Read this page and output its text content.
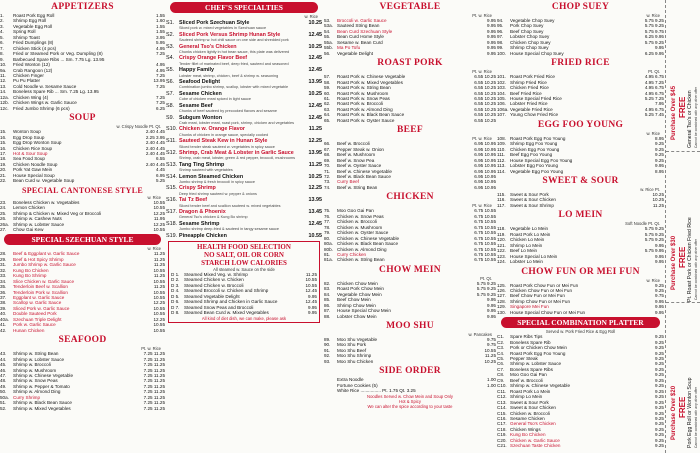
APPETIZERS
1.	Roast Pork Egg Roll	1.55
2.	Shrimp Egg Roll	1.60
3.	Vegetable Egg Roll	1.55
4.	Spring Roll	1.55
5.	Shrimp Toast	3.95
6.	Fried Dumplings (8)	5.95
7.	Chicken Stick (4 pcs)	4.95
8.	Fried or Steamed Pork or Veg. Dumpling (8)	7.25
9.	Barbecued Spare Ribs ... Sm. 7.75 Lg. 13.95
10.	Fried Wonton (12)	4.95
9a.	Crab Rangoon (12)	4.95
11.	Chicken Finger	7.25
12.	Pu Pu Platter	13.95
13.	Cold Noodle w. Sesame Sauce	7.25
14.	Boneless Spare Rib ... Sm. 7.25 Lg. 13.95
12a. Chicken Wing (4)	7.25
12b. Chicken Wings w. Garlic Sauce	7.25
12c. Fried Jumbo Shrimp (6 pcs)	6.25
SOUP
w. Crispy Noodle Pt. Qt.
15.	Wonton Soup	2.40 4.45
16.	Egg Drop Soup	2.25 3.95
15.	Egg Drop Wonton Soup	2.40 4.45
16.	Chicken Rice Soup	2.40 4.45
17.	Hot & Sour Soup	2.40 4.45
18.	Sea Food Soup	6.55
19.	Chicken Noodle Soup	2.40 4.45
20.	Pork Yat Gaw Mein	4.45
21.	House Special Soup	6.95
22.	Bean Curd w. Vegetable Soup	5.25
SPECIAL CANTONESE STYLE
w. Rice
23.	Boneless Chicken w. Vegetables	10.55
24.	Lemon Chicken	10.55
25.	Shrimp & Chicken w. Mixed Veg or Broccoli	12.25
26.	Shrimp w. Cashew Nuts	11.95
26a. Shrimp w. Lobster Sauce	12.25
27.	Chow Gai Kew	10.55
SPECIAL SZECHUAN STYLE
w. Rice
28.	Beef & Eggplant w. Garlic Sauce	11.25
29.	Beef & Hot Spicy Shrimp	11.25
31.	Jumbo Shrimp w. Garlic Sauce	11.25
32.	Kung Bo Chicken	10.55
33.	Kung Bo Shrimp	11.25
34.	Slice Chicken w. Garlic Sauce	10.55
35.	Tenderloin Beef w. Scallion	11.25
36.	Tenderloin Pork w. Scallion	10.55
37.	Eggplant w. Garlic Sauce	10.55
38.	Scallop w. Garlic Sauce	12.25
39.	Sliced Pork w. Garlic Sauce	10.55
40.	Double Sauteed Pork	10.55
40a. Szechuan Triple Delight	12.25
41.	Pork w. Garlic Sauce	10.55
42.	Hunan Chicken	10.55
SEAFOOD
Pt. w. Rice
43.	Shrimp w. String Bean	7.25 11.25
44.	Shrimp w. Lobster Sauce	7.25 11.25
45.	Shrimp w. Broccoli	7.25 11.25
46.	Shrimp w. Mushroom	7.25 11.25
47.	Shrimp w. Chinese Vegetable	7.25 11.25
48.	Shrimp w. Snow Peas	7.25 11.25
49.	Shrimp w. Pepper & Tomato	7.25 11.25
50.	Shrimp w. Almond Ding	7.25 11.25
50a. Curry Shrimp	7.25 11.25
51.	Shrimp w. Black Bean Sauce	7.25 11.25
52.	Shrimp w. Mixed Vegetables	7.25 11.25
CHEF'S SPECIALTIES
w. Rice
S1. Sliced Pork Szechuan Style	10.25
Sliced pork w. mixed vegetables in Szechuan sauce
S2. Sliced Pork Versus Shrimp Hunan Style	12.45
Sauteed shrimp w. hot chili sauce on one side and shredded pork
S3. General Tso's Chicken	10.25
Chunks chicken lightly in hot bean sauce, this plate was delivered
S4. Crispy Orange Flavor Beef	12.45
Tender fillet of marinated beef, deep fried, sauteed and seasoned
S5. Happy Family	12.45
Lobster meat, shrimp, chicken, beef & shrimp w. seasoning
S6. Seafood Delight	13.95
Combination jumbo shrimp, scallop, lobster with mixed vegetable
S7. Sesame Chicken	10.25
Cube of chicken meat spiced in light sauce
S8. Sesame Beef	12.45
Chunks of beef sauteed by precooked flavors and sesame
S9. Subgum Wonton	12.45
Crab meat, lobster meat, roast pork, shrimp, chicken and vegetables
S10. Chicken w. Orange Flavor	11.25
Chunks of chicken in orange sauce, specially cooked
S11. Sauteed Steak Kew in Hunan Style	12.25
Sliced tender steak sauteed w. vegetables in spicy sauce
S12. Shrimp, Crab Meat & Lobster in Garlic Sauce	13.95
Shrimp, crab meat, lobster, green & red pepper, broccoli, mushrooms
S13. Tang Ting Shrimp	11.25
Shrimp sauteed with vegetables
S14. Lemon Steamed Chicken	10.25
Jumbo shrimp & fresh broccoli in spicy sauce
S15. Crispy Shrimp	12.25
Deep fried shrimp sauteed w. pepper & onions
S16. Tai Tz Beef	13.95
Sliced tender beef and scallion sauteed w. mixed vegetables
S17. Dragon & Phoenix	13.45
General Tso's chicken & Kung Bo shrimp
S18. Sesame Shrimp	12.45
Jumbo shrimp deep-fried & sauteed in tangy sesame sauce
S19. Pineapple Chicken	10.55
HEALTH FOOD SELECTION
NO SALT, OIL OR CORN
STARCH LOW CALORIES
All steamed w. Sauce on the side
D 1. Steamed Mixed Veg. w. Shrimp	11.25
D 2. Steamed Chicken w. Chicken	10.55
D 3. Steamed Chicken w. Broccoli	10.55
D 4. Steamed Broccoli w. Chicken and Shrimp	12.45
D 5. Steamed Vegetable Delight	9.95
D 6. Steamed Shrimp and Chicken in Garlic Sauce	12.45
D 7. Steamed Snow Peas and Broccoli	9.95
D 8. Steamed Bean Curd w. Mixed Vegetables	9.95
All kind of diet dish, we can make, please ask
VEGETABLE
Pt. w. Rice
53.	Broccoli w. Garlic Sauce	9.95
53a. Sauteed String Bean	9.95
54.	Bean Curd Szechuan Style	9.95
55.	Bean Curd Home Style	9.95
55a. Sesame w. Bean Curd	9.95
55b. Ma Po Tofu	9.95
56.	Vegetable Delight	9.95
ROAST PORK
Pt. w. Rice
57.	Roast Pork w. Chinese Vegetable	6.55 10.25
58.	Roast Pork w. Mixed Vegetables	6.55 10.25
59.	Roast Pork w. String Bean	6.55 10.25
60.	Roast Pork w. Mushroom	6.55 10.25
61.	Roast Pork w. Snow Peas	6.55 10.25
62.	Roast Pork w. Broccoli	6.55 10.25
63.	Roast Pork w. Almond Ding	6.55 10.25
64.	Roast Pork w. Black Bean Sauce	6.55 10.25
65.	Roast Pork w. Oyster Sauce	6.55 10.25
BEEF
Pt. w. Rice
66.	Beef w. Broccoli	6.95 10.95
67.	Pepper Steak w. Onion	6.95 10.95
68.	Beef w. Mushroom	6.95 10.95
69.	Beef w. Snow Pea	6.95 10.95
70.	Beef w. Oyster Sauce	6.95 10.95
71.	Beef w. Chinese Vegetable	6.95 10.95
72.	Beef w. Black Bean Sauce	6.95 10.95
73.	Curry Beef	6.95 10.95
74.	Beef w. String Bean	6.95 10.95
CHICKEN
Pt. w. Rice
75.	Moo Goo Gai Pan	6.75 10.55
76.	Chicken w. Snow Peas	6.75 10.55
77.	Chicken w. Broccoli	6.75 10.55
78.	Chicken w. Mushroom	6.75 10.55
79.	Chicken w. Oyster Sauce	6.75 10.55
80.	Chicken w. Chinese Vegetable	6.75 10.55
80a. Chicken w. Black Bean Sauce	6.75 10.55
80b. Chicken w. Almond Ding	6.75 10.55
81.	Curry Chicken	6.75 10.55
81a. Chicken w. String Bean	6.75 10.55
CHOW MEIN
Pt. Qt.
82.	Chicken Chow Mein	5.75 9.25
83.	Roast Pork Chow Mein	5.75 9.25
84.	Vegetable Chow Mein	5.75 9.25
85.	Beef Chow Mein	9.95
86.	Shrimp Chow Mein	9.95
87.	House Special Chow Mein	9.95
88.	Lobster Chow Mein	9.95
MOO SHU
w. Pancakes
89.	Moo Shu Vegetable	9.75
90.	Moo Shu Pork	9.75
91.	Moo Shu Beef	10.55
92.	Moo Shu Shrimp	11.25
93.	Moo Shu Chicken	10.25
SIDE ORDER
Extra Noodle	1.00
Fortune Cookies (5)	1.00
White Rice ................ Pt. 1.75 Qt. 3.25
Noodles Served w. Chow Mein and Soup Only
Hot & Spicy
We can alter the spice according to your taste
CHOP SUEY
w. Rice
94.	Vegetable Chop Suey	5.75 9.25
95.	Pork Chop Suey	5.75 9.25
96.	Beef Chop Suey	5.75 9.75
97.	Lobster Chop Suey	6.25 9.95
98.	Chicken Chop Suey	5.75 9.25
99.	Shrimp Chop Suey	9.95
100. House Special Chop Suey	6.25 9.95
FRIED RICE
Pt. Qt.
101. Roast Pork Fried Rice	4.95 6.75
102. Shrimp Fried Rice	4.95 7.25
103. Chicken Fried Rice	4.95 6.75
104. Beef Fried Rice	4.95 6.75
105. House Special Fried Rice	5.25 7.25
106. Lobster Fried Rice	7.95
106a. Vegetable Fried Rice	4.95 6.75
107. Young Chow Fried Rice	5.25 7.45
EGG FOO YOUNG
w. Rice
108. Roast Pork Egg Foo Young	8.95
109. Shrimp Egg Foo Young	9.25
110. Chicken Egg Foo Young	9.25
111.	Beef Egg Foo Young	9.25
112. House Special Egg Foo Young	9.25
113. Lobster Egg Foo Young	9.95
114. Vegetable Egg Foo Young	8.95
SWEET & SOUR
w. Rice Pt.
115. Sweet & Sour Pork	10.25
116. Sweet & Sour Chicken	10.25
117. Sweet & Sour Shrimp	11.25
LO MEIN
Soft Noodle Pt. Qt.
118. Vegetable Lo Mein	5.75 9.25
119. Roast Pork Lo Mein	5.75 9.25
120. Chicken Lo Mein	5.75 9.25
121. Shrimp Lo Mein	9.95
122. Beef Lo Mein	5.75 9.95
123. House Special Lo Mein	9.95
124. Lobster Lo Mein	9.95
CHOW FUN OR MEI FUN
w. Rice
125. Roast Pork Chow Fun or Mei Fun	9.25
126. Chicken Chow Fun or Mei Fun	9.25
127. Beef Chow Fun or Mei Fun	9.75
128. Shrimp Chow Fun or Mei Fun	9.95
129. Singapore Mei Fun	9.95
130. House Special Chow Fun or Mei Fun	9.95
SPECIAL COMBINATION PLATTER
Served w. Pork Fried Rice & Egg Roll
C1.	Spare Ribs Tips	9.25
C2.	Boneless Spare Rib	9.25
C3.	Pork or Chicken Chow Mein	9.25
C4.	Roast Pork Egg Foo Young	9.25
C5.	Pepper Steak	9.25
C6.	Shrimp w. Lobster Sauce	9.25
C7.	Boneless Spare Ribs	9.25
C8.	Moo Goo Gai Pan	9.25
C9.	Beef w. Broccoli	9.25
C10. Shrimp w. Chinese Vegetable	9.25
C11. Roast Pork Lo Mein	9.25
C12. Shrimp Lo Mein	9.25
C13. Sweet & Sour Pork	9.25
C14. Sweet & Sour Chicken	9.25
C15. Chicken w. Broccoli	9.25
C16. Sesame Chicken	9.25
C17. General Tso's Chicken	9.25
C18. Chicken Wings	9.25
C19. Kung Bo Chicken	9.25
C20. Chicken w. Garlic Sauce	9.25
C21. Szechuan Taste Chicken	9.25
Purchase Over $45 FREE General Tso's or Chicken Cannot be combined with any other offer
Purchase Over $30 FREE Pt. Roast Pork or Chicken Fried Rice Cannot be combined with any other offer
Purchase Over $20 FREE Pork Egg Roll or Wonton Soup Cannot be combined with any other offer
